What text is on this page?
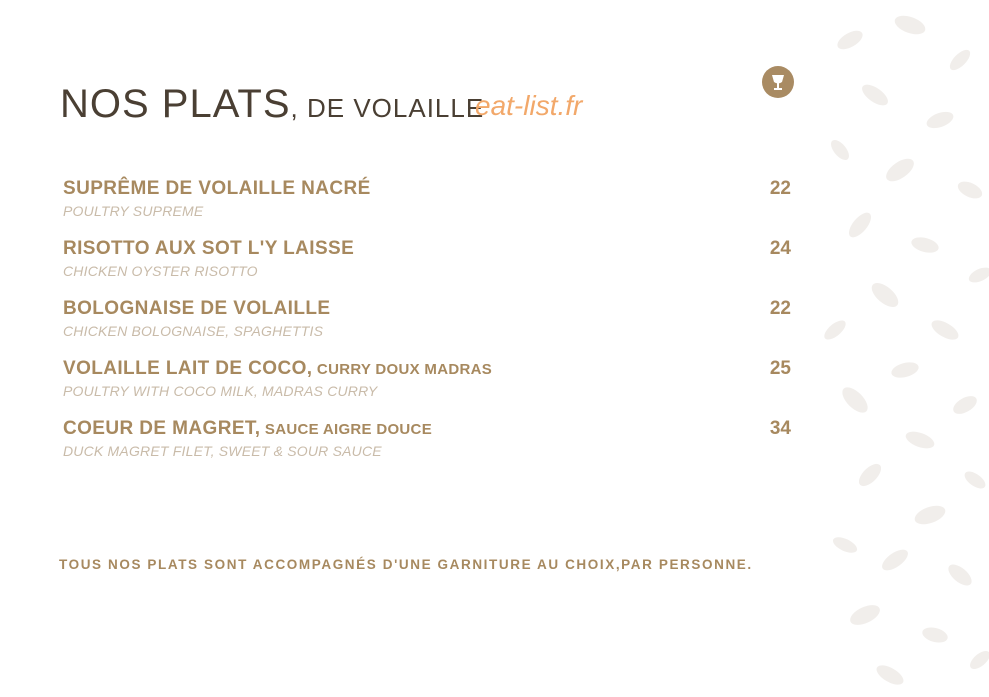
NOS PLATS, DE VOLAILLE
eat-list.fr
SUPRÊME DE VOLAILLE NACRÉ
POULTRY SUPREME
22
RISOTTO AUX SOT L'Y LAISSE
CHICKEN OYSTER RISOTTO
24
BOLOGNAISE DE VOLAILLE
CHICKEN BOLOGNAISE, SPAGHETTIS
22
VOLAILLE LAIT DE COCO, CURRY DOUX MADRAS
POULTRY WITH COCO MILK, MADRAS CURRY
25
COEUR DE MAGRET, SAUCE AIGRE DOUCE
DUCK MAGRET FILET, SWEET & SOUR SAUCE
34
TOUS NOS PLATS SONT ACCOMPAGNÉS D'UNE GARNITURE AU CHOIX,PAR PERSONNE.
